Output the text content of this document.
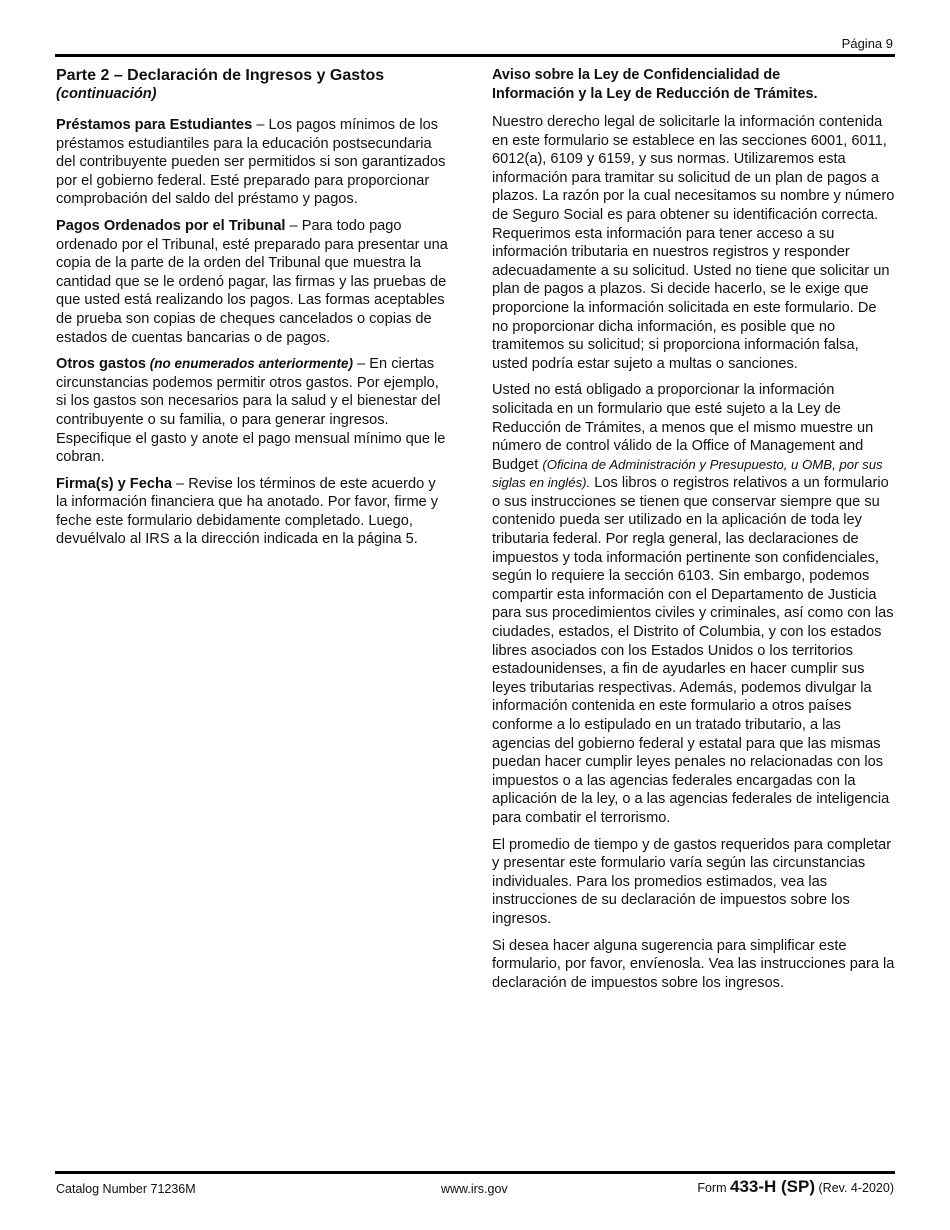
Página 9
Parte 2 – Declaración de Ingresos y Gastos
(continuación)

Préstamos para Estudiantes – Los pagos mínimos de los préstamos estudiantiles para la educación postsecundaria del contribuyente pueden ser permitidos si son garantizados por el gobierno federal. Esté preparado para proporcionar comprobación del saldo del préstamo y pagos.

Pagos Ordenados por el Tribunal – Para todo pago ordenado por el Tribunal, esté preparado para presentar una copia de la parte de la orden del Tribunal que muestra la cantidad que se le ordenó pagar, las firmas y las pruebas de que usted está realizando los pagos. Las formas aceptables de prueba son copias de cheques cancelados o copias de estados de cuentas bancarias o de pagos.

Otros gastos (no enumerados anteriormente) – En ciertas circunstancias podemos permitir otros gastos. Por ejemplo, si los gastos son necesarios para la salud y el bienestar del contribuyente o su familia, o para generar ingresos. Especifique el gasto y anote el pago mensual mínimo que le cobran.

Firma(s) y Fecha – Revise los términos de este acuerdo y la información financiera que ha anotado. Por favor, firme y feche este formulario debidamente completado. Luego, devuélvalo al IRS a la dirección indicada en la página 5.

Aviso sobre la Ley de Confidencialidad de
Información y la Ley de Reducción de Trámites.

Nuestro derecho legal de solicitarle la información contenida en este formulario se establece en las secciones 6001, 6011, 6012(a), 6109 y 6159, y sus normas. Utilizaremos esta información para tramitar su solicitud de un plan de pagos a plazos. La razón por la cual necesitamos su nombre y número de Seguro Social es para obtener su identificación correcta. Requerimos esta información para tener acceso a su información tributaria en nuestros registros y responder adecuadamente a su solicitud. Usted no tiene que solicitar un plan de pagos a plazos. Si decide hacerlo, se le exige que proporcione la información solicitada en este formulario. De no proporcionar dicha información, es posible que no tramitemos su solicitud; si proporciona información falsa, usted podría estar sujeto a multas o sanciones.

Usted no está obligado a proporcionar la información solicitada en un formulario que esté sujeto a la Ley de Reducción de Trámites, a menos que el mismo muestre un número de control válido de la Office of Management and Budget (Oficina de Administración y Presupuesto, u OMB, por sus siglas en inglés). Los libros o registros relativos a un formulario o sus instrucciones se tienen que conservar siempre que su contenido pueda ser utilizado en la aplicación de toda ley tributaria federal. Por regla general, las declaraciones de impuestos y toda información pertinente son confidenciales, según lo requiere la sección 6103. Sin embargo, podemos compartir esta información con el Departamento de Justicia para sus procedimientos civiles y criminales, así como con las ciudades, estados, el Distrito of Columbia, y con los estados libres asociados con los Estados Unidos o los territorios estadounidenses, a fin de ayudarles en hacer cumplir sus leyes tributarias respectivas. Además, podemos divulgar la información contenida en este formulario a otros países conforme a lo estipulado en un tratado tributario, a las agencias del gobierno federal y estatal para que las mismas puedan hacer cumplir leyes penales no relacionadas con los impuestos o a las agencias federales encargadas con la aplicación de la ley, o a las agencias federales de inteligencia para combatir el terrorismo.

El promedio de tiempo y de gastos requeridos para completar y presentar este formulario varía según las circunstancias individuales. Para los promedios estimados, vea las instrucciones de su declaración de impuestos sobre los ingresos.

Si desea hacer alguna sugerencia para simplificar este formulario, por favor, envíenosla. Vea las instrucciones para la declaración de impuestos sobre los ingresos.

Catalog Number 71236M	www.irs.gov	Form 433-H (SP) (Rev. 4-2020)
